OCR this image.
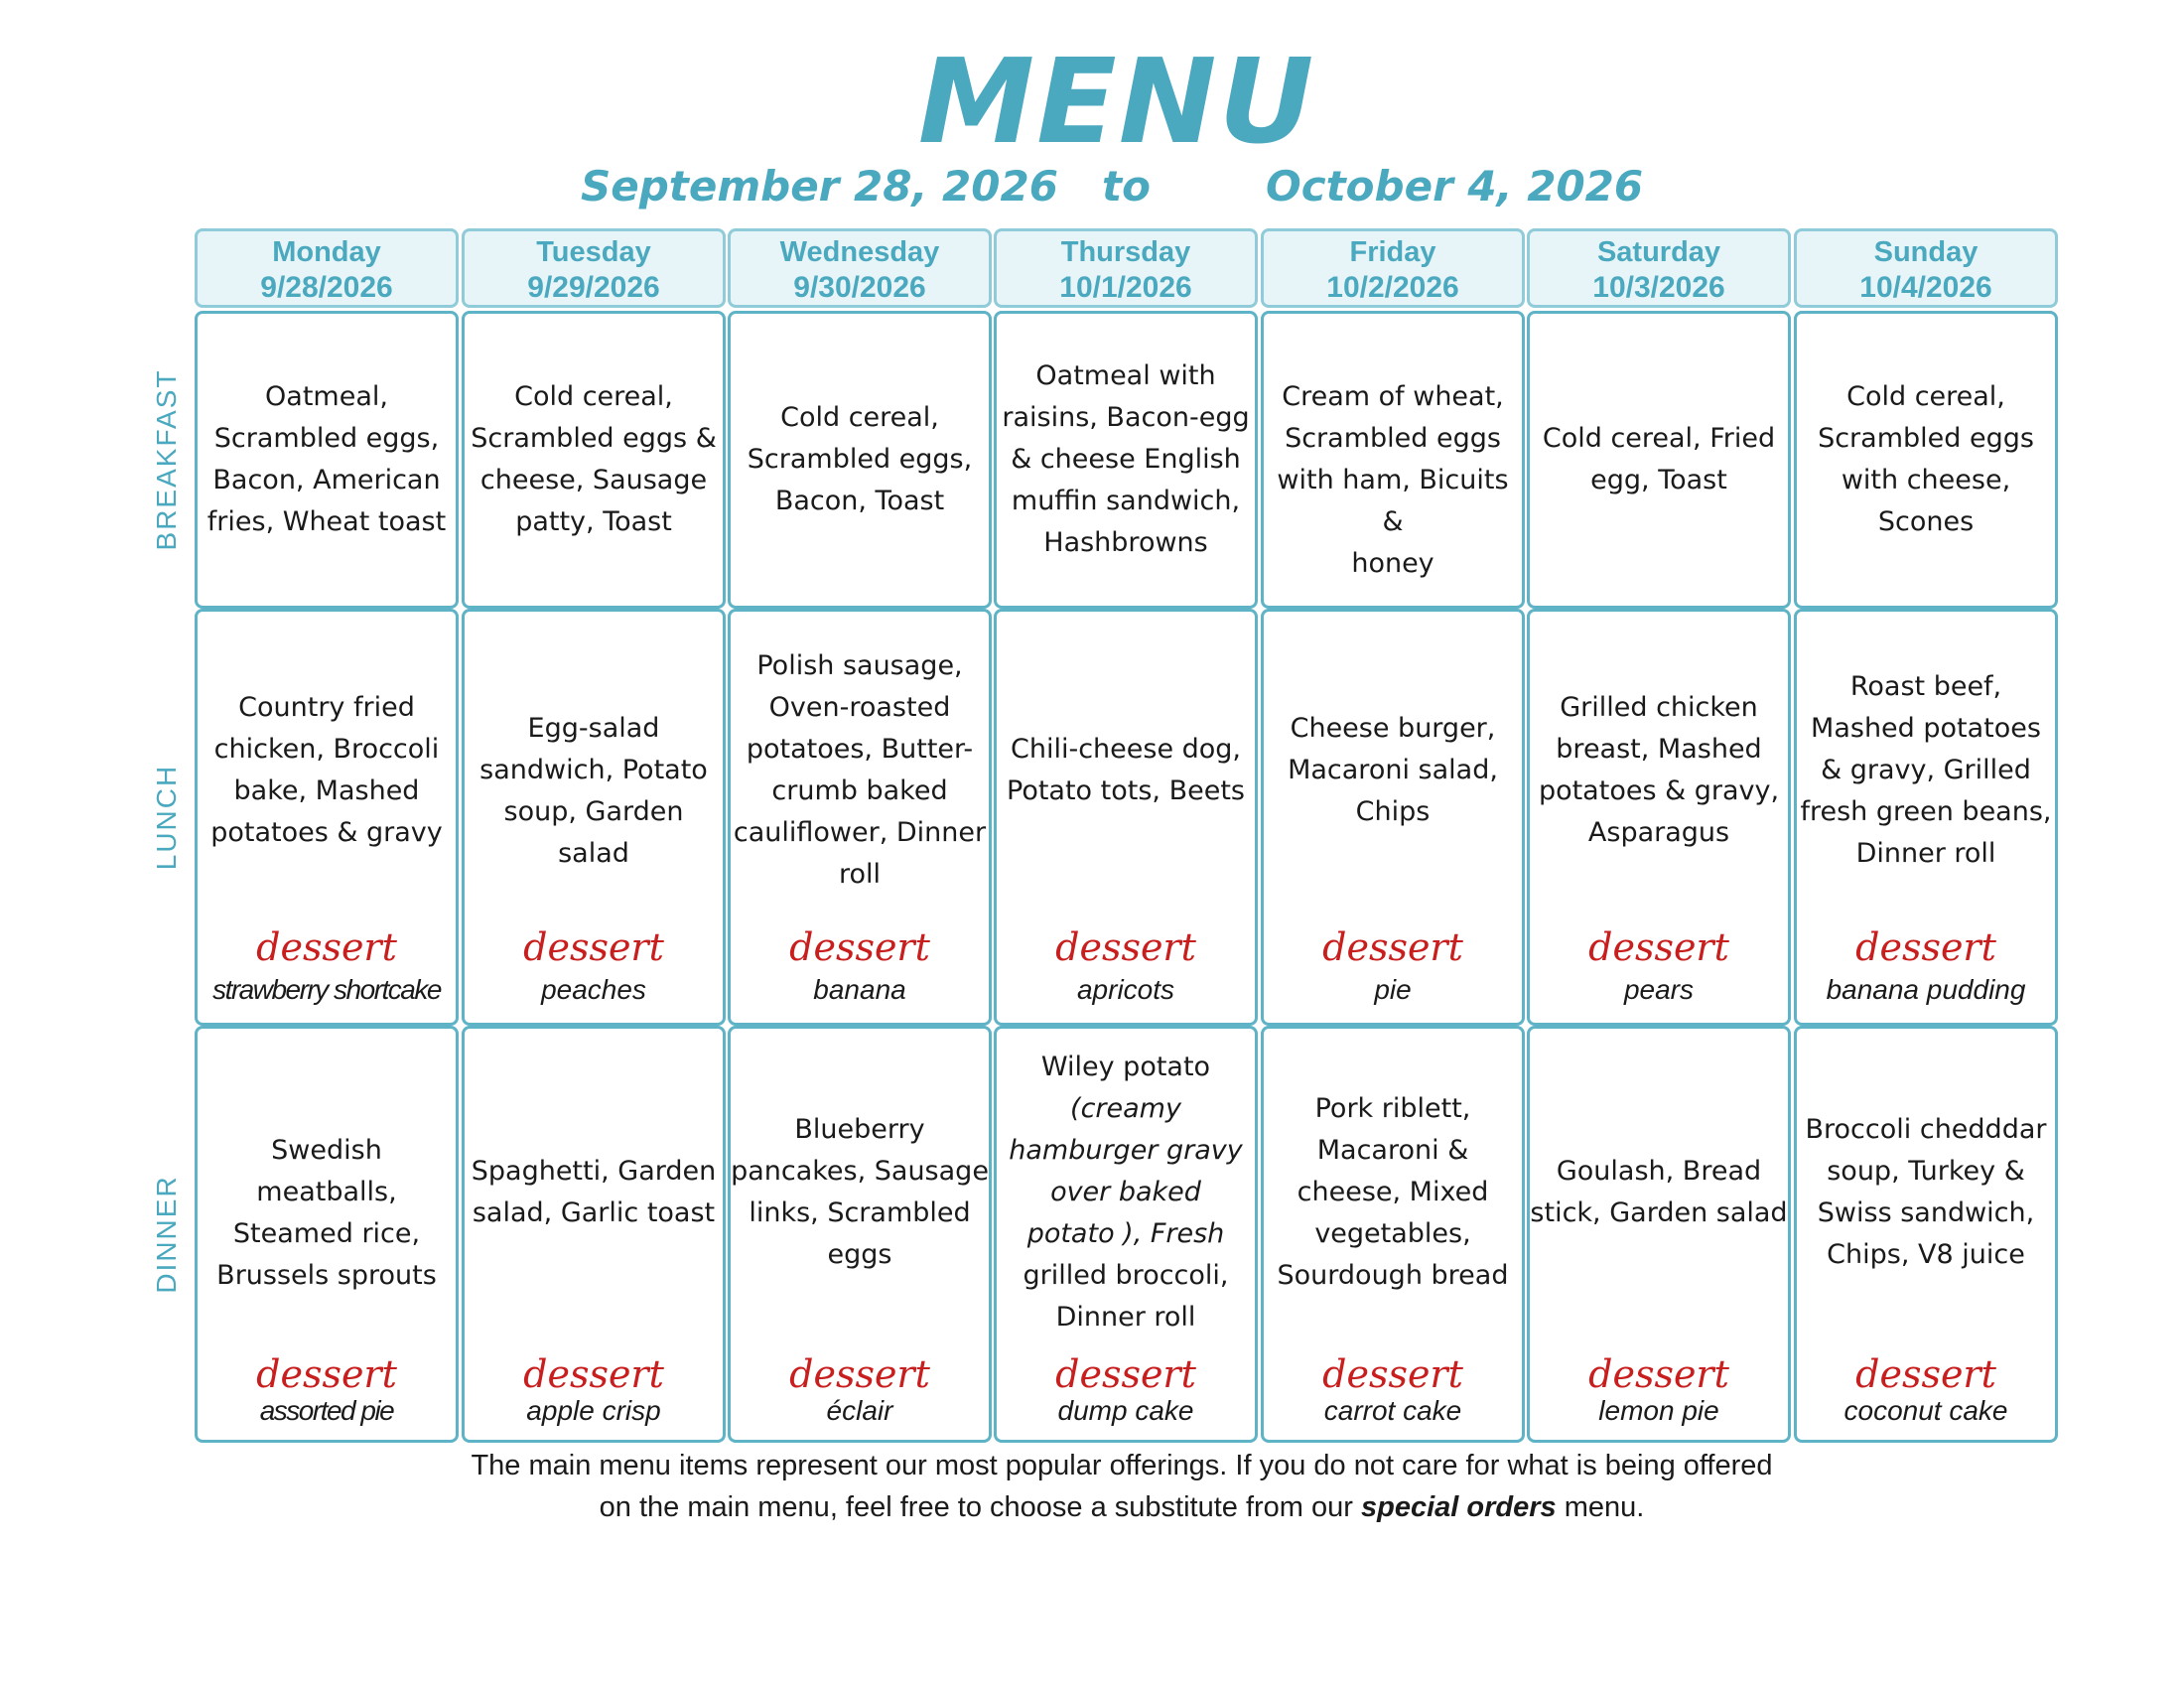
MENU
September 28, 2026 to	October 4, 2026
BREAKFAST
LUNCH
DINNER
Monday
9/28/2026
Oatmeal,
Scrambled eggs,
Bacon, American
fries, Wheat toast
Country fried
chicken, Broccoli
bake, Mashed
potatoes & gravy
dessert
strawberry shortcake
Swedish meatballs,
Steamed rice,
Brussels sprouts
dessert
assorted pie
Tuesday
9/29/2026
Cold cereal,
Scrambled eggs &
cheese, Sausage
patty, Toast
Egg-salad
sandwich, Potato
soup, Garden salad
dessert
peaches
Spaghetti, Garden
salad, Garlic toast
dessert
apple crisp
Wednesday
9/30/2026
Cold cereal,
Scrambled eggs,
Bacon, Toast
Polish sausage,
Oven-roasted
potatoes, Butter-
crumb baked
cauliflower, Dinner
roll
dessert
banana
Blueberry
pancakes, Sausage
links, Scrambled
eggs
dessert
éclair
Thursday
10/1/2026
Oatmeal with
raisins, Bacon-egg
& cheese English
muffin sandwich,
Hashbrowns
Chili-cheese dog,
Potato tots, Beets
dessert
apricots
Wiley potato
(creamy
hamburger gravy
over baked
potato ), Fresh
grilled broccoli,
Dinner roll
dessert
dump cake
Friday
10/2/2026
Cream of wheat,
Scrambled eggs
with ham, Bicuits &
honey
Cheese burger,
Macaroni salad,
Chips
dessert
pie
Pork riblett,
Macaroni &
cheese, Mixed
vegetables,
Sourdough bread
dessert
carrot cake
Saturday
10/3/2026
Cold cereal, Fried
egg, Toast
Grilled chicken
breast, Mashed
potatoes & gravy,
Asparagus
dessert
pears
Goulash, Bread
stick, Garden salad
dessert
lemon pie
Sunday
10/4/2026
Cold cereal,
Scrambled eggs
with cheese,
Scones
Roast beef,
Mashed potatoes
& gravy, Grilled
fresh green beans,
Dinner roll
dessert
banana pudding
Broccoli chedddar
soup, Turkey &
Swiss sandwich,
Chips, V8 juice
dessert
coconut cake
The main menu items represent our most popular offerings. If you do not care for what is being offered
on the main menu, feel free to choose a substitute from our special orders menu.
